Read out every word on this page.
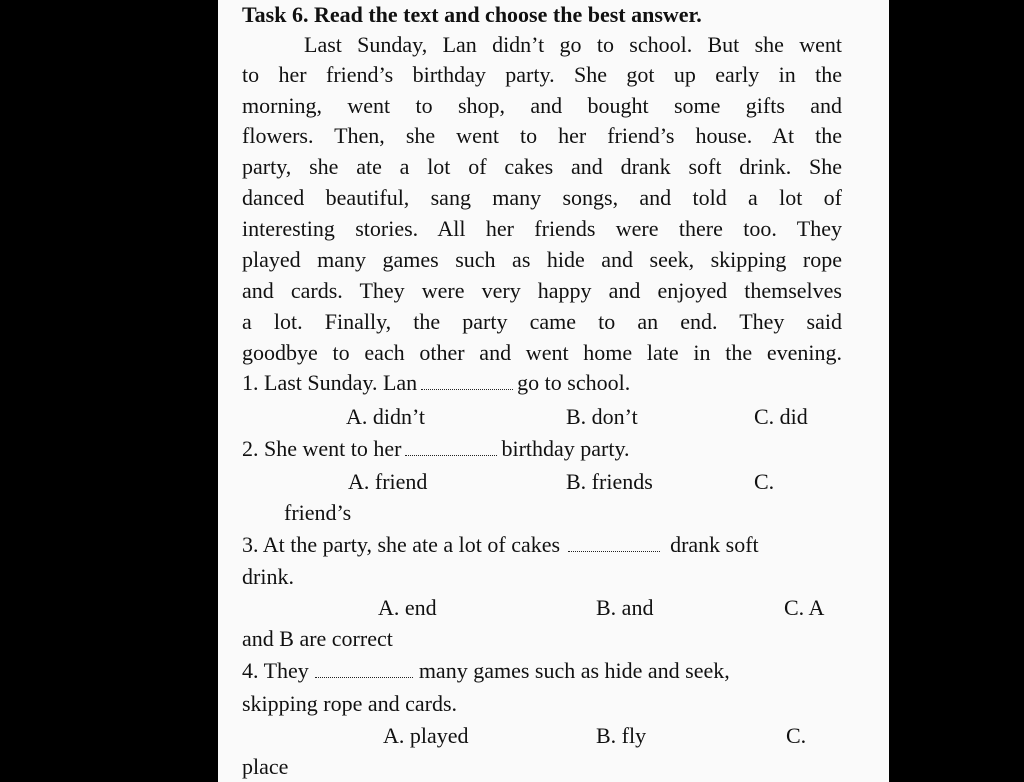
Task 6. Read the text and choose the best answer.
Last Sunday, Lan didn’t go to school. But she went
to her friend’s birthday party. She got up early in the
morning, went to shop, and bought some gifts and
flowers. Then, she went to her friend’s house. At the
party, she ate a lot of cakes and drank soft drink. She
danced beautiful, sang many songs, and told a lot of
interesting stories. All her friends were there too. They
played many games such as hide and seek, skipping rope
and cards. They were very happy and enjoyed themselves
a lot. Finally, the party came to an end. They said
goodbye to each other and went home late in the evening.
1. Last Sunday. Lan	go to school.
A. didn’t	B. don’t	C. did
2. She went to her	birthday party.
A. friend	B. friends	C.
friend’s
3. At the party, she ate a lot of cakes	drank soft
drink.
A. end	B. and	C. A
and B are correct
4. They	many games such as hide and seek,
skipping rope and cards.
A. played	B. fly	C.
place
